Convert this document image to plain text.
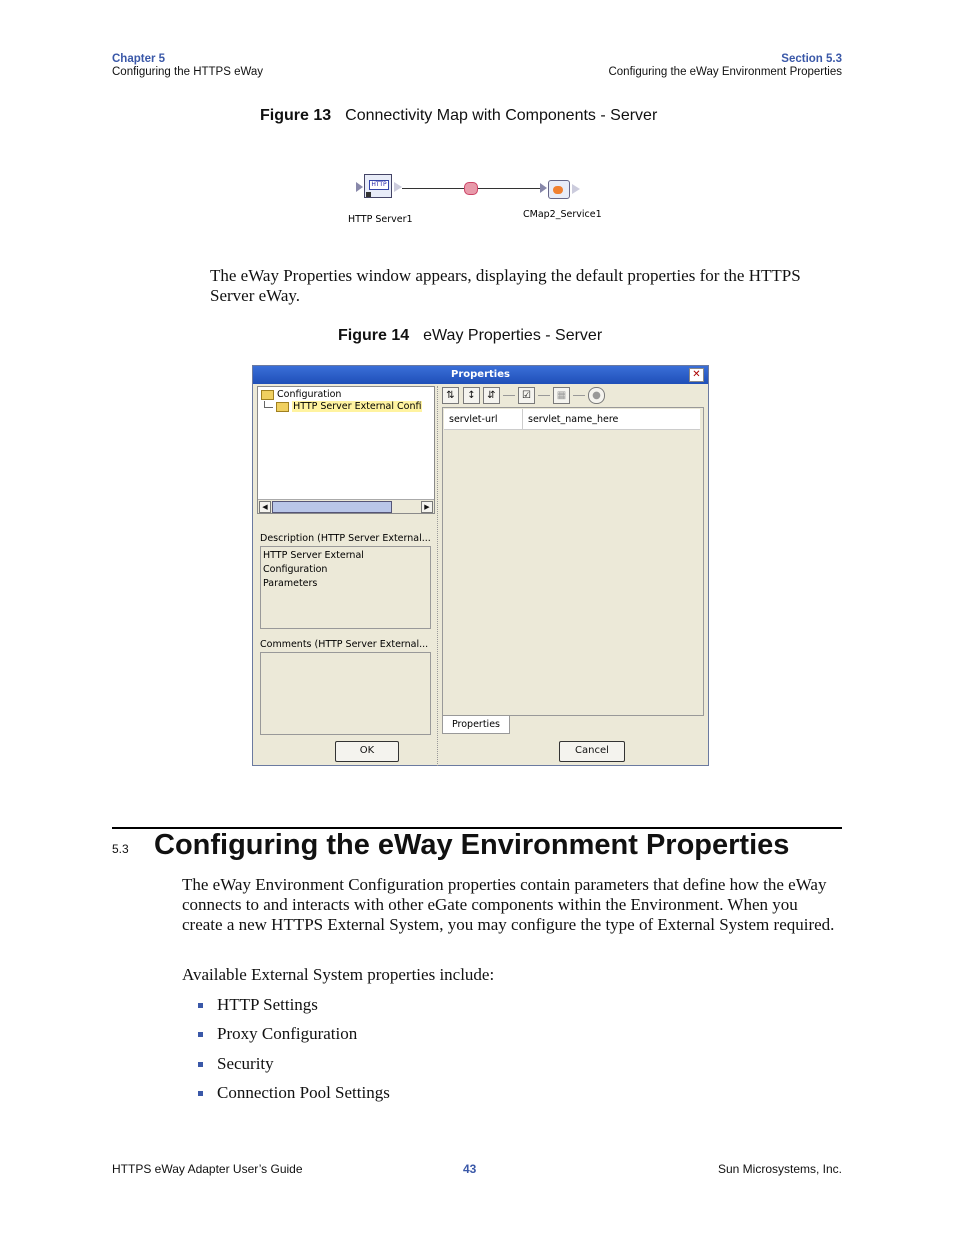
Chapter 5
Configuring the HTTPS eWay
Section 5.3
Configuring the eWay Environment Properties
Figure 13 Connectivity Map with Components - Server
HTTP
HTTP Server1	CMap2_Service1
The eWay Properties window appears, displaying the default properties for the HTTPS Server eWay.
Figure 14 eWay Properties - Server
Properties	✕
Configuration
HTTP Server External Confi
◀	▶
Description (HTTP Server External...
HTTP Server External Configuration Parameters
Comments (HTTP Server External...
⇅	↕	⇵	☑	▦	●
servlet-url	servlet_name_here
Properties
OK	Cancel
5.3 Configuring the eWay Environment Properties
The eWay Environment Configuration properties contain parameters that define how the eWay connects to and interacts with other eGate components within the Environment. When you create a new HTTPS External System, you may configure the type of External System required.
Available External System properties include:
HTTP Settings
Proxy Configuration
Security
Connection Pool Settings
HTTPS eWay Adapter User’s Guide	43	Sun Microsystems, Inc.
